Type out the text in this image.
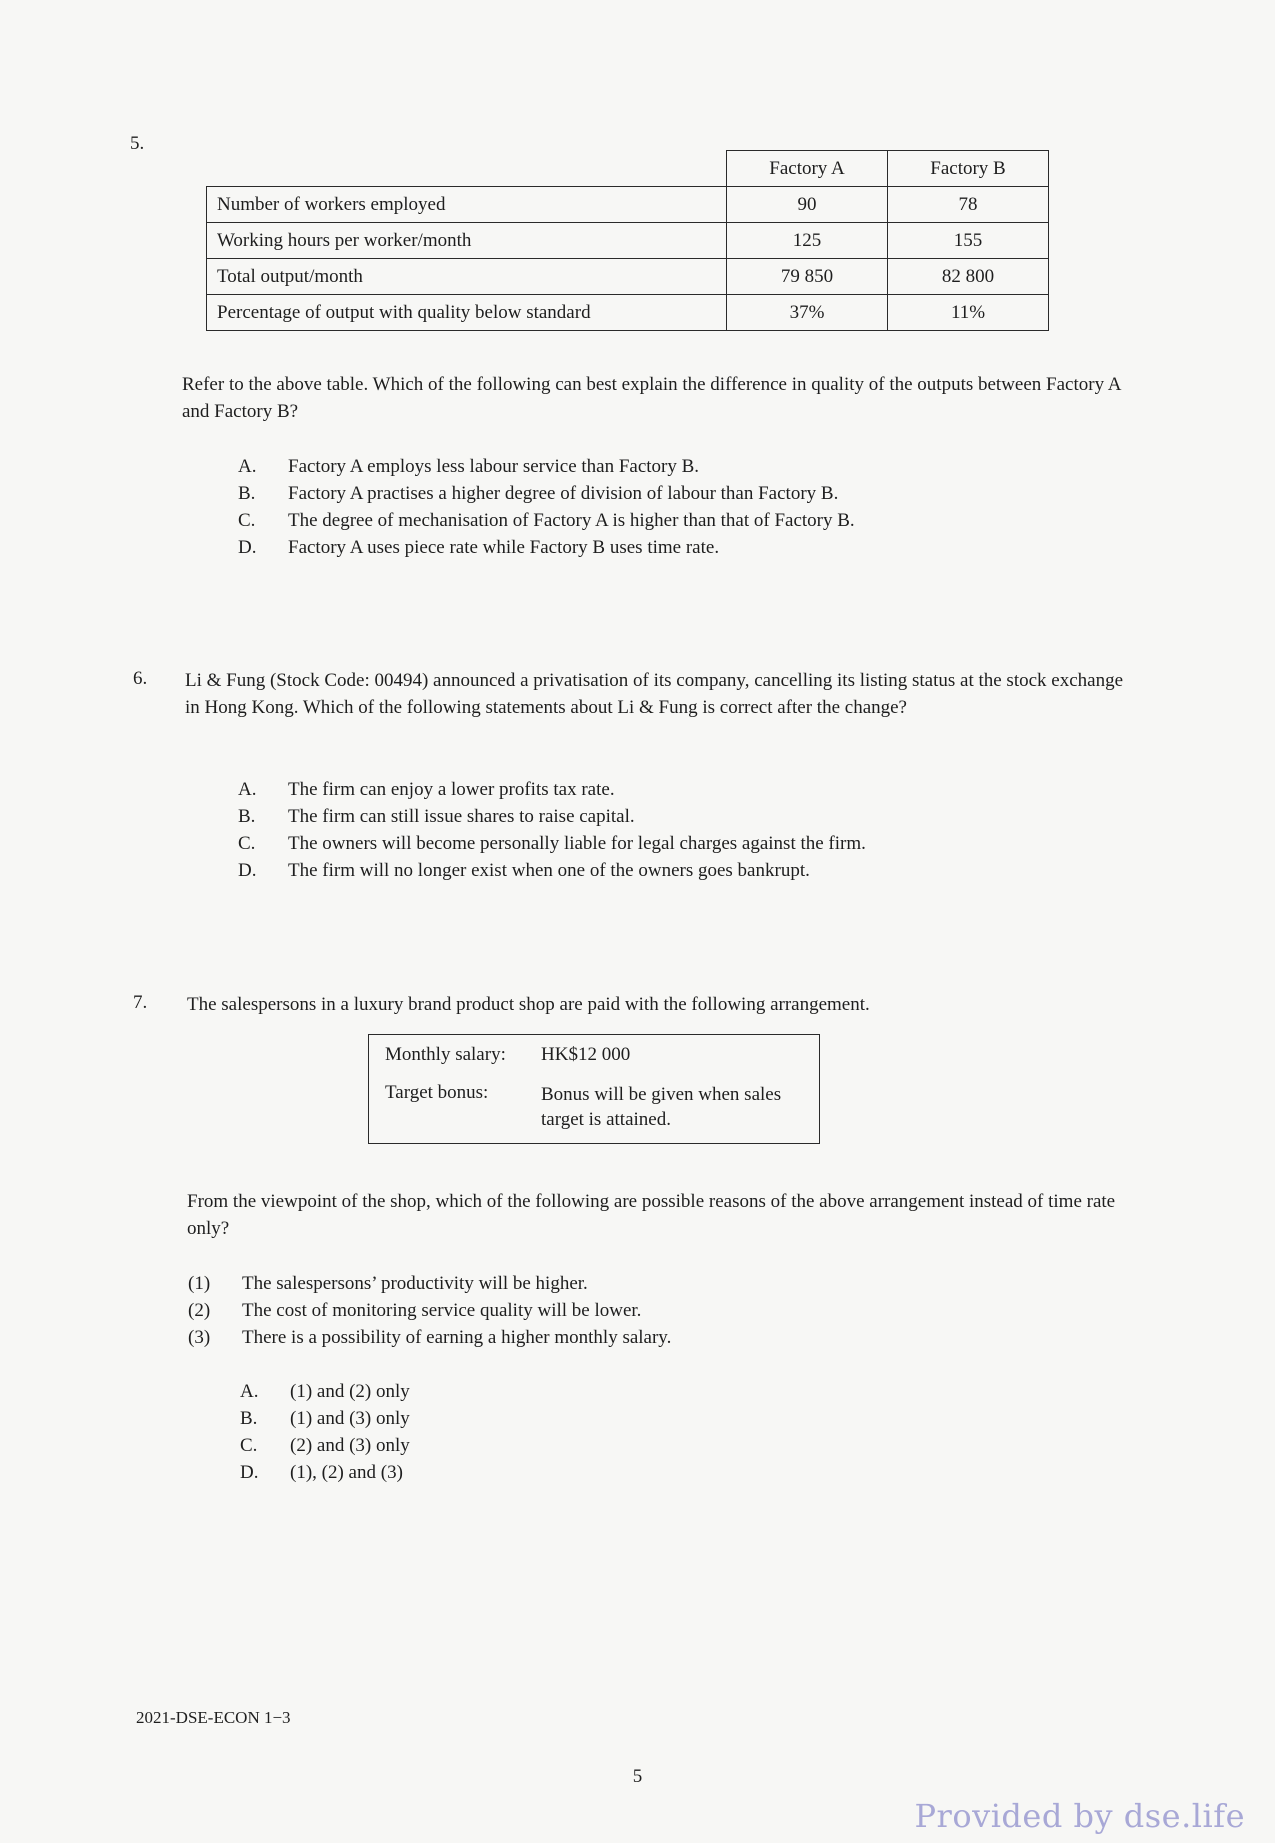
5.
	Factory A	Factory B
Number of workers employed	90	78
Working hours per worker/month	125	155
Total output/month	79 850	82 800
Percentage of output with quality below standard	37%	11%
Refer to the above table. Which of the following can best explain the difference in quality of the outputs between Factory A and Factory B?
A. Factory A employs less labour service than Factory B.
B. Factory A practises a higher degree of division of labour than Factory B.
C. The degree of mechanisation of Factory A is higher than that of Factory B.
D. Factory A uses piece rate while Factory B uses time rate.
6. Li & Fung (Stock Code: 00494) announced a privatisation of its company, cancelling its listing status at the stock exchange in Hong Kong. Which of the following statements about Li & Fung is correct after the change?
A. The firm can enjoy a lower profits tax rate.
B. The firm can still issue shares to raise capital.
C. The owners will become personally liable for legal charges against the firm.
D. The firm will no longer exist when one of the owners goes bankrupt.
7. The salespersons in a luxury brand product shop are paid with the following arrangement.
Monthly salary: HK$12 000
Target bonus:	Bonus will be given when sales target is attained.
From the viewpoint of the shop, which of the following are possible reasons of the above arrangement instead of time rate only?
(1) The salespersons’ productivity will be higher.
(2) The cost of monitoring service quality will be lower.
(3) There is a possibility of earning a higher monthly salary.
A. (1) and (2) only
B. (1) and (3) only
C. (2) and (3) only
D. (1), (2) and (3)
2021-DSE-ECON 1−3
5
Provided by dse.life
